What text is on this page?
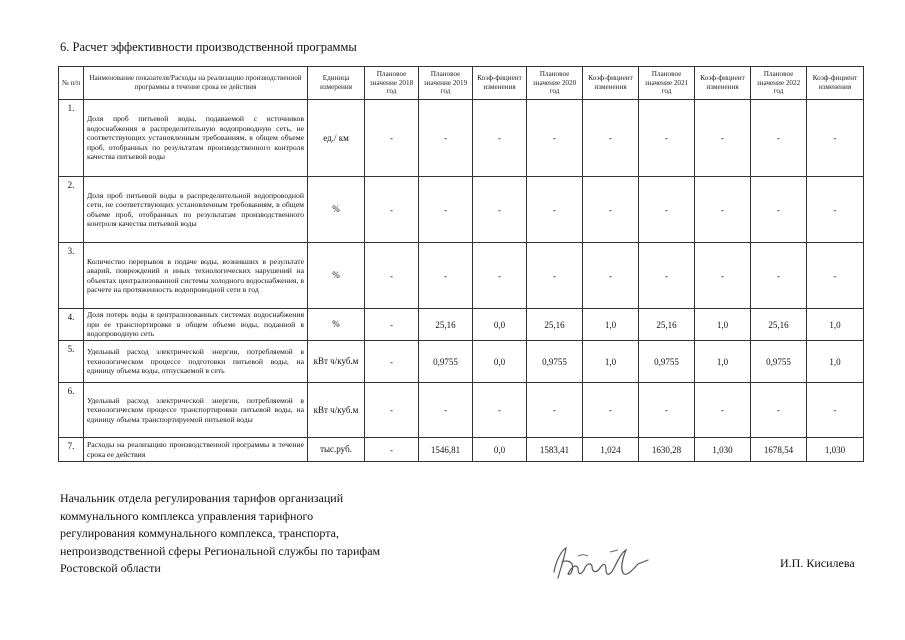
6. Расчет эффективности производственной программы
№ п/п	Наименование показателя/Расходы на реализацию производственной программы в течение срока ее действия	Единица измерения	Плановое значение 2018 год	Плановое значение 2019 год	Коэф-фициент изменения	Плановое значение 2020 год	Коэф-фициент изменения	Плановое значение 2021 год	Коэф-фициент изменения	Плановое значение 2022 год	Коэф-фициент изменения
1.	Доля проб питьевой воды, подаваемой с источников водоснабжения в распределительную водопроводную сеть, не соответствующих установленным требованиям, в общем объеме проб, отобранных по результатам производственного контроля качества питьевой воды	ед./ км	-	-	-	-	-	-	-	-	-
2.	Доля проб питьевой воды в распределительной водопроводной сети, не соответствующих установленным требованиям, в общем объеме проб, отобранных по результатам производственного контроля качества питьевой воды	%	-	-	-	-	-	-	-	-	-
3.	Количество перерывов в подаче воды, возникших в результате аварий, повреждений и иных технологических нарушений на объектах централизованной системы холодного водоснабжения, в расчете на протяженность водопроводной сети в год	%	-	-	-	-	-	-	-	-	-
4.	Доля потерь воды в централизованных системах водоснабжения при ее транспортировке в общем объеме воды, поданной в водопроводную сеть	%	-	25,16	0,0	25,16	1,0	25,16	1,0	25,16	1,0
5.	Удельный расход электрической энергии, потребляемой в технологическом процессе подготовки питьевой воды, на единицу объема воды, отпускаемой в сеть	кВт ч/куб.м	-	0,9755	0,0	0,9755	1,0	0,9755	1,0	0,9755	1,0
6.	Удельный расход электрической энергии, потребляемой в технологическом процессе транспортировки питьевой воды, на единицу объема транспортируемой питьевой воды	кВт ч/куб.м	-	-	-	-	-	-	-	-	-
7.	Расходы на реализацию производственной программы в течение срока ее действия	тыс.руб.	-	1546,81	0,0	1583,41	1,024	1630,28	1,030	1678,54	1,030
Начальник отдела регулирования тарифов организаций коммунального комплекса управления тарифного регулирования коммунального комплекса, транспорта, непроизводственной сферы Региональной службы по тарифам Ростовской области	И.П. Кисилева
